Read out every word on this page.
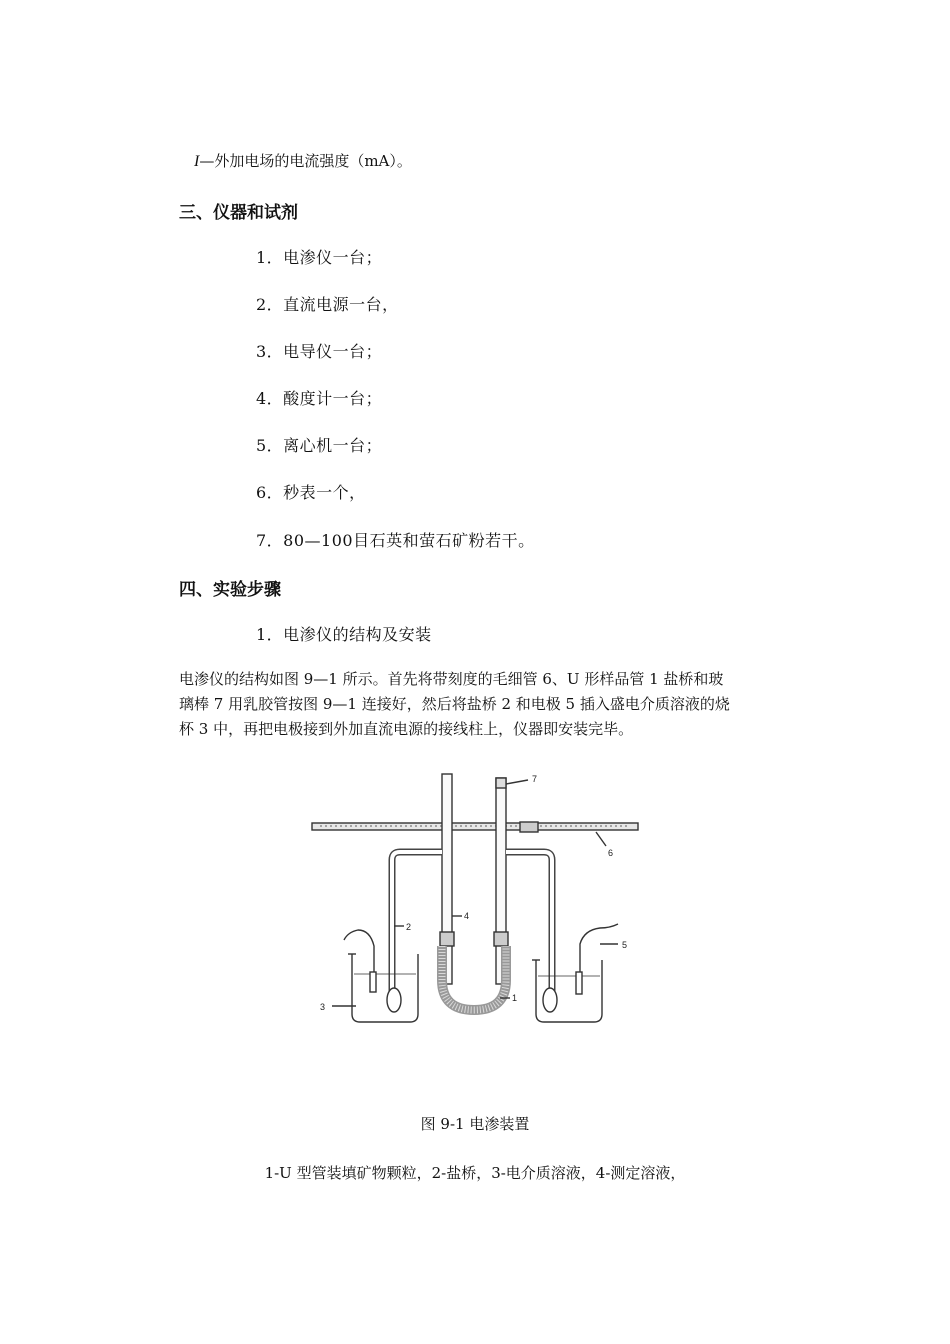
I—外加电场的电流强度（mA）。
三、仪器和试剂
1．电渗仪一台；
2．直流电源一台，
3．电导仪一台；
4．酸度计一台；
5．离心机一台；
6．秒表一个，
7．80—100目石英和萤石矿粉若干。
四、实验步骤
1．电渗仪的结构及安装
电渗仪的结构如图 9—1 所示。首先将带刻度的毛细管 6、U 形样品管 1 盐桥和玻
璃棒 7 用乳胶管按图 9—1 连接好，然后将盐桥 2 和电极 5 插入盛电介质溶液的烧
杯 3 中，再把电极接到外加直流电源的接线柱上，仪器即安装完毕。
2
4
1
3
5
6
7
图 9-1 电渗装置
1-U 型管装填矿物颗粒，2-盐桥，3-电介质溶液，4-测定溶液，
